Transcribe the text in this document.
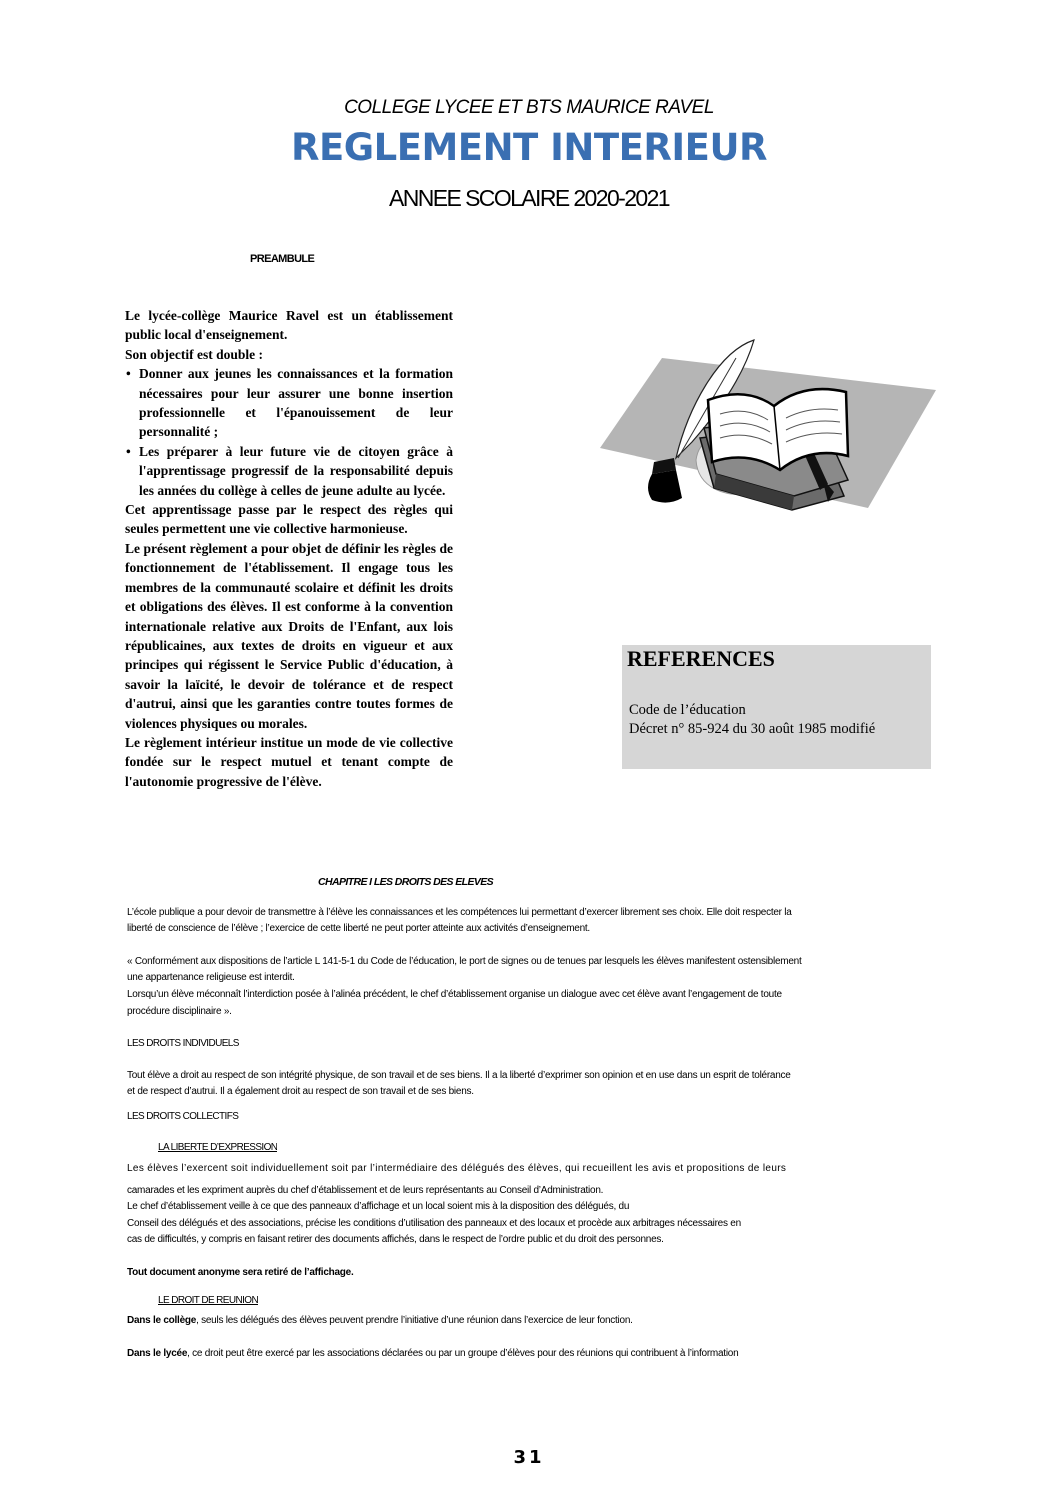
COLLEGE LYCEE ET BTS MAURICE RAVEL
REGLEMENT INTERIEUR
ANNEE SCOLAIRE 2020-2021
PREAMBULE

Le lycée-collège Maurice Ravel est un établissement public local d'enseignement.

Son objectif est double :

• Donner aux jeunes les connaissances et la formation nécessaires pour leur assurer une bonne insertion professionnelle et l'épanouissement de leur personnalité ;
• Les préparer à leur future vie de citoyen grâce à l'apprentissage progressif de la responsabilité depuis les années du collège à celles de jeune adulte au lycée.

Cet apprentissage passe par le respect des règles qui seules permettent une vie collective harmonieuse.

Le présent règlement a pour objet de définir les règles de fonctionnement de l'établissement. Il engage tous les membres de la communauté scolaire et définit les droits et obligations des élèves. Il est conforme à la convention internationale relative aux Droits de l'Enfant, aux lois républicaines, aux textes de droits en vigueur et aux principes qui régissent le Service Public d'éducation, à savoir la laïcité, le devoir de tolérance et de respect d'autrui, ainsi que les garanties contre toutes formes de violences physiques ou morales.

Le règlement intérieur institue un mode de vie collective fondée sur le respect mutuel et tenant compte de l'autonomie progressive de l'élève.

REFERENCES
Code de l’éducation
Décret n° 85-924 du 30 août 1985 modifié
CHAPITRE I LES DROITS DES ELEVES
L’école publique a pour devoir de transmettre à l’élève les connaissances et les compétences lui permettant d’exercer librement ses choix. Elle doit respecter la
liberté de conscience de l’élève ; l’exercice de cette liberté ne peut porter atteinte aux activités d’enseignement.
« Conformément aux dispositions de l’article L 141-5-1 du Code de l’éducation, le port de signes ou de tenues par lesquels les élèves manifestent ostensiblement
une appartenance religieuse est interdit.
Lorsqu’un élève méconnaît l’interdiction posée à l’alinéa précédent, le chef d’établissement organise un dialogue avec cet élève avant l’engagement de toute
procédure disciplinaire ».
LES DROITS INDIVIDUELS
Tout élève a droit au respect de son intégrité physique, de son travail et de ses biens. Il a la liberté d’exprimer son opinion et en use dans un esprit de tolérance
et de respect d’autrui. Il a également droit au respect de son travail et de ses biens.
LES DROITS COLLECTIFS
LA LIBERTE D’EXPRESSION
Les élèves l’exercent soit individuellement soit par l’intermédiaire des délégués des élèves, qui recueillent les avis et propositions de leurs
camarades et les expriment auprès du chef d’établissement et de leurs représentants au Conseil d’Administration.
Le chef d’établissement veille à ce que des panneaux d’affichage et un local soient mis à la disposition des délégués, du
Conseil des délégués et des associations, précise les conditions d’utilisation des panneaux et des locaux et procède aux arbitrages nécessaires en
cas de difficultés, y compris en faisant retirer des documents affichés, dans le respect de l’ordre public et du droit des personnes.
Tout document anonyme sera retiré de l’affichage.
LE DROIT DE REUNION
Dans le collège, seuls les délégués des élèves peuvent prendre l’initiative d’une réunion dans l’exercice de leur fonction.
Dans le lycée, ce droit peut être exercé par les associations déclarées ou par un groupe d’élèves pour des réunions qui contribuent à l’information
31
